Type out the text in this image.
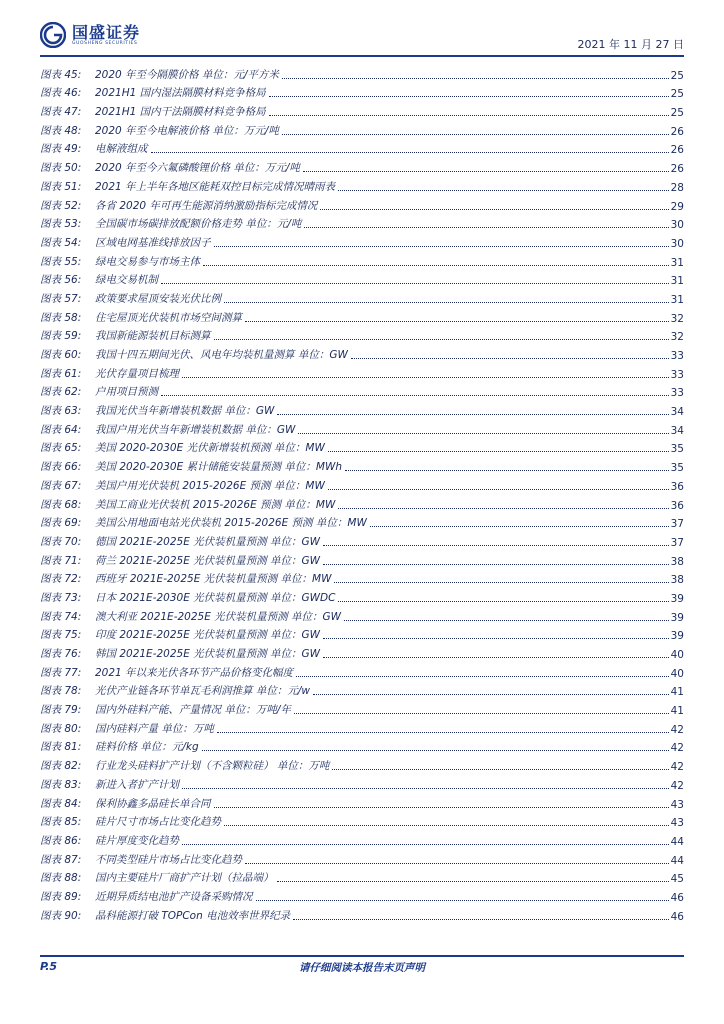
国盛证券
GUOSHENG SECURITIES	2021 年 11 月 27 日
图表 45:	2020 年至今隔膜价格 单位：元/平方米	25
图表 46:	2021H1 国内湿法隔膜材料竞争格局	25
图表 47:	2021H1 国内干法隔膜材料竞争格局	25
图表 48:	2020 年至今电解液价格 单位：万元/吨	26
图表 49:	电解液组成	26
图表 50:	2020 年至今六氟磷酸锂价格 单位：万元/吨	26
图表 51:	2021 年上半年各地区能耗双控目标完成情况晴雨表	28
图表 52:	各省 2020 年可再生能源消纳激励指标完成情况	29
图表 53:	全国碳市场碳排放配额价格走势 单位：元/吨	30
图表 54:	区域电网基准线排放因子	30
图表 55:	绿电交易参与市场主体	31
图表 56:	绿电交易机制	31
图表 57:	政策要求屋顶安装光伏比例	31
图表 58:	住宅屋顶光伏装机市场空间测算	32
图表 59:	我国新能源装机目标测算	32
图表 60:	我国十四五期间光伏、风电年均装机量测算 单位：GW	33
图表 61:	光伏存量项目梳理	33
图表 62:	户用项目预测	33
图表 63:	我国光伏当年新增装机数据 单位：GW	34
图表 64:	我国户用光伏当年新增装机数据 单位：GW	34
图表 65:	美国 2020-2030E 光伏新增装机预测 单位：MW	35
图表 66:	美国 2020-2030E 累计储能安装量预测 单位：MWh	35
图表 67:	美国户用光伏装机 2015-2026E 预测 单位：MW	36
图表 68:	美国工商业光伏装机 2015-2026E 预测 单位：MW	36
图表 69:	美国公用地面电站光伏装机 2015-2026E 预测 单位：MW	37
图表 70:	德国 2021E-2025E 光伏装机量预测 单位：GW	37
图表 71:	荷兰 2021E-2025E 光伏装机量预测 单位：GW	38
图表 72:	西班牙 2021E-2025E 光伏装机量预测 单位：MW	38
图表 73:	日本 2021E-2030E 光伏装机量预测 单位：GWDC	39
图表 74:	澳大利亚 2021E-2025E 光伏装机量预测 单位：GW	39
图表 75:	印度 2021E-2025E 光伏装机量预测 单位：GW	39
图表 76:	韩国 2021E-2025E 光伏装机量预测 单位：GW	40
图表 77:	2021 年以来光伏各环节产品价格变化幅度	40
图表 78:	光伏产业链各环节单瓦毛利润推算 单位：元/w	41
图表 79:	国内外硅料产能、产量情况 单位：万吨/年	41
图表 80:	国内硅料产量 单位：万吨	42
图表 81:	硅料价格 单位：元/kg	42
图表 82:	行业龙头硅料扩产计划（不含颗粒硅） 单位：万吨	42
图表 83:	新进入者扩产计划	42
图表 84:	保利协鑫多晶硅长单合同	43
图表 85:	硅片尺寸市场占比变化趋势	43
图表 86:	硅片厚度变化趋势	44
图表 87:	不同类型硅片市场占比变化趋势	44
图表 88:	国内主要硅片厂商扩产计划（拉晶端）	45
图表 89:	近期异质结电池扩产设备采购情况	46
图表 90:	晶科能源打破 TOPCon 电池效率世界纪录	46
P.5	请仔细阅读本报告末页声明
